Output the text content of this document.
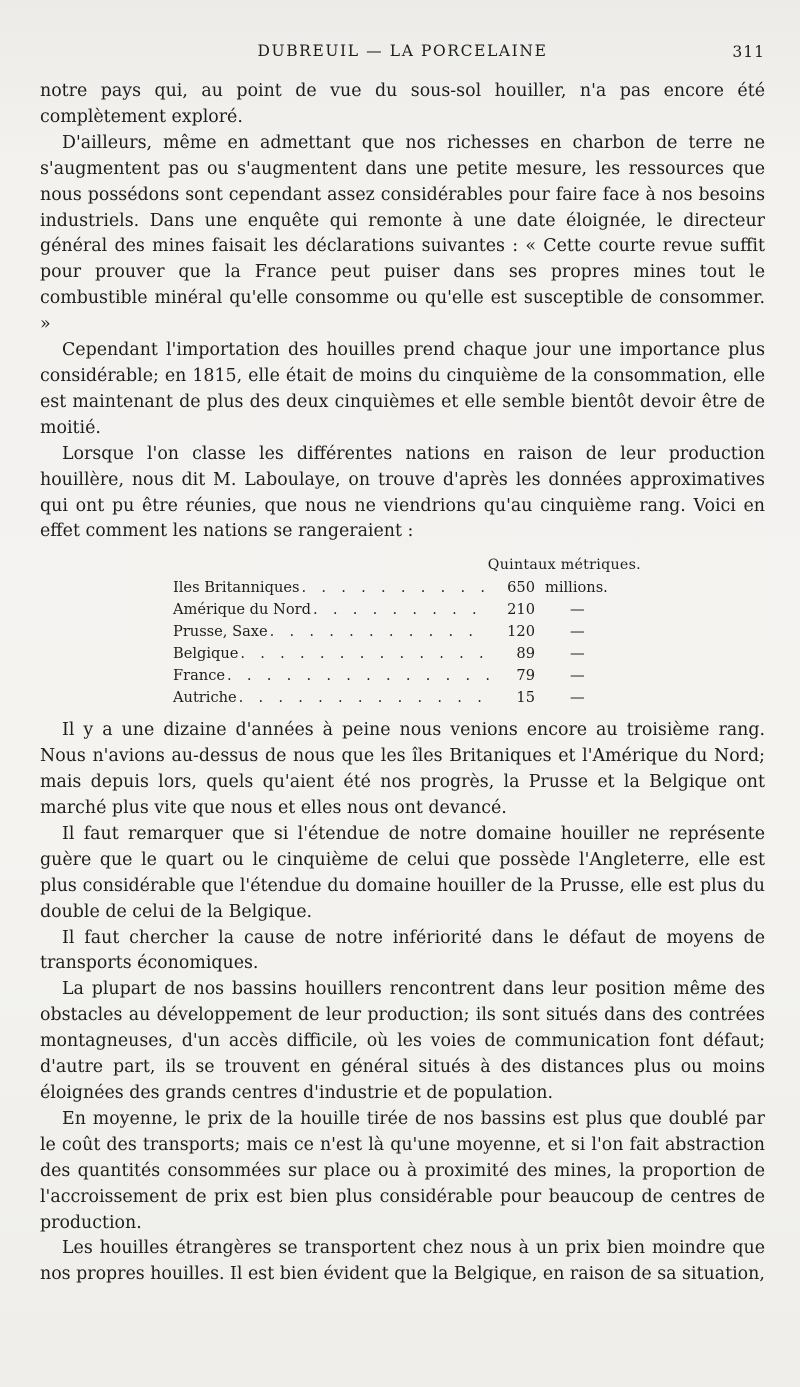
DUBREUIL — LA PORCELAINE	311

notre pays qui, au point de vue du sous-sol houiller, n'a pas encore été complètement exploré.

D'ailleurs, même en admettant que nos richesses en charbon de terre ne s'augmentent pas ou s'augmentent dans une petite mesure, les ressources que nous possédons sont cependant assez considérables pour faire face à nos besoins industriels. Dans une enquête qui remonte à une date éloignée, le directeur général des mines faisait les déclarations suivantes : « Cette courte revue suffit pour prouver que la France peut puiser dans ses propres mines tout le combustible minéral qu'elle consomme ou qu'elle est susceptible de consommer. »

Cependant l'importation des houilles prend chaque jour une importance plus considérable; en 1815, elle était de moins du cinquième de la consommation, elle est maintenant de plus des deux cinquièmes et elle semble bientôt devoir être de moitié.

Lorsque l'on classe les différentes nations en raison de leur production houillère, nous dit M. Laboulaye, on trouve d'après les données approximatives qui ont pu être réunies, que nous ne viendrions qu'au cinquième rang. Voici en effet comment les nations se rangeraient :

Quintaux métriques.
Iles Britanniques . . .	650 millions.
Amérique du Nord . . .	210	—
Prusse, Saxe . . .	120	—
Belgique . . .	89	—
France . . .	79	—
Autriche . . .	15	—

Il y a une dizaine d'années à peine nous venions encore au troisième rang. Nous n'avions au-dessus de nous que les îles Britaniques et l'Amérique du Nord; mais depuis lors, quels qu'aient été nos progrès, la Prusse et la Belgique ont marché plus vite que nous et elles nous ont devancé.

Il faut remarquer que si l'étendue de notre domaine houiller ne représente guère que le quart ou le cinquième de celui que possède l'Angleterre, elle est plus considérable que l'étendue du domaine houiller de la Prusse, elle est plus du double de celui de la Belgique.

Il faut chercher la cause de notre infériorité dans le défaut de moyens de transports économiques.

La plupart de nos bassins houillers rencontrent dans leur position même des obstacles au développement de leur production; ils sont situés dans des contrées montagneuses, d'un accès difficile, où les voies de communication font défaut; d'autre part, ils se trouvent en général situés à des distances plus ou moins éloignées des grands centres d'industrie et de population.

En moyenne, le prix de la houille tirée de nos bassins est plus que doublé par le coût des transports; mais ce n'est là qu'une moyenne, et si l'on fait abstraction des quantités consommées sur place ou à proximité des mines, la proportion de l'accroissement de prix est bien plus considérable pour beaucoup de centres de production.

Les houilles étrangères se transportent chez nous à un prix bien moindre que nos propres houilles. Il est bien évident que la Belgique, en raison de sa situation,
